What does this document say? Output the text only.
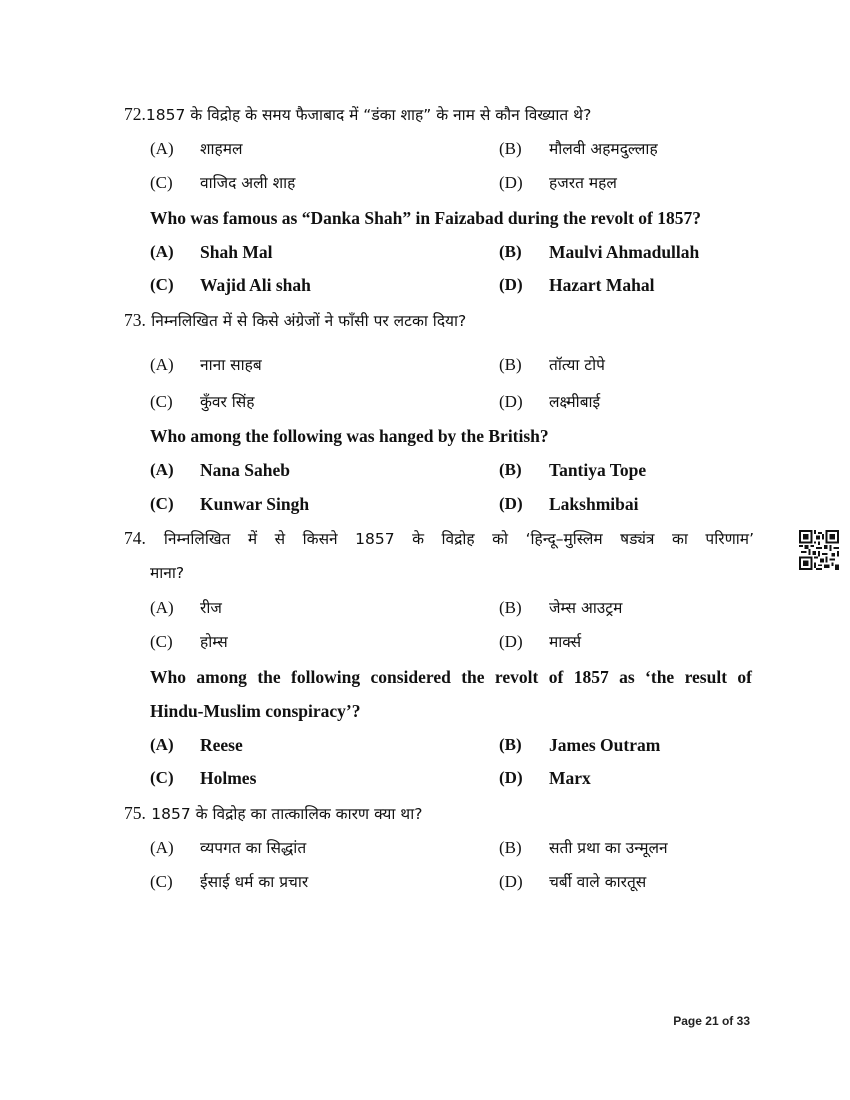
72.1857 के विद्रोह के समय फैजाबाद में “डंका शाह” के नाम से कौन विख्यात थे?
(A) शाहमल	(B) मौलवी अहमदुल्लाह
(C) वाजिद अली शाह	(D) हजरत महल
Who was famous as “Danka Shah” in Faizabad during the revolt of 1857?
(A) Shah Mal	(B) Maulvi Ahmadullah
(C) Wajid Ali shah	(D) Hazart Mahal
73. निम्नलिखित में से किसे अंग्रेजों ने फाँसी पर लटका दिया?
(A) नाना साहब	(B) तॉत्या टोपे
(C) कुँवर सिंह	(D) लक्ष्मीबाई
Who among the following was hanged by the British?
(A) Nana Saheb	(B) Tantiya Tope
(C) Kunwar Singh	(D) Lakshmibai
74. निम्नलिखित में से किसने 1857 के विद्रोह को ‘हिन्दू–मुस्लिम षड्यंत्र का परिणाम’
माना?
(A) रीज	(B) जेम्स आउट्रम
(C) होम्स	(D) मार्क्स
Who among the following considered the revolt of 1857 as ‘the result of
Hindu-Muslim conspiracy’?
(A) Reese	(B) James Outram
(C) Holmes	(D) Marx
75. 1857 के विद्रोह का तात्कालिक कारण क्या था?
(A) व्यपगत का सिद्धांत	(B) सती प्रथा का उन्मूलन
(C) ईसाई धर्म का प्रचार	(D) चर्बी वाले कारतूस
Page 21 of 33
